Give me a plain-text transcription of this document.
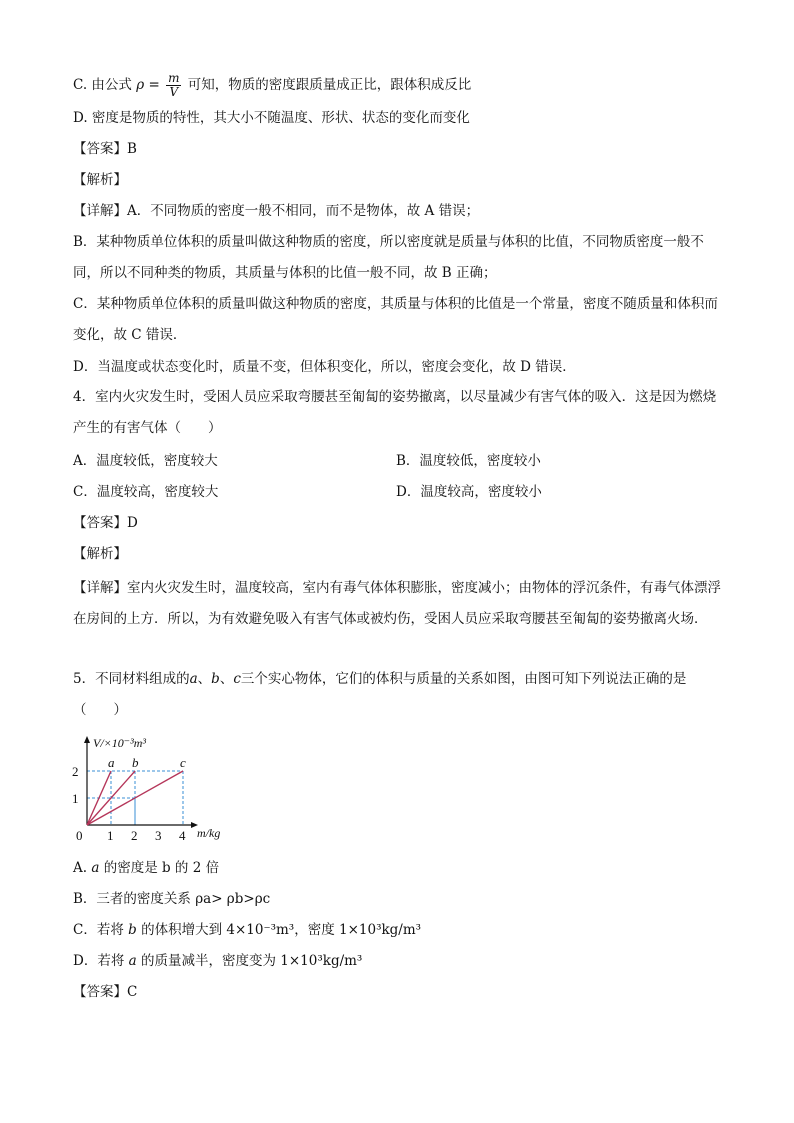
C. 由公式 $\rho = \frac{m}{V}$ 可知，物质的密度跟质量成正比，跟体积成反比
D. 密度是物质的特性，其大小不随温度、形状、状态的变化而变化
【答案】B
【解析】
【详解】A．不同物质的密度一般不相同，而不是物体，故 A 错误；
B．某种物质单位体积的质量叫做这种物质的密度，所以密度就是质量与体积的比值，不同物质密度一般不同，所以不同种类的物质，其质量与体积的比值一般不同，故 B 正确；
C．某种物质单位体积的质量叫做这种物质的密度，其质量与体积的比值是一个常量，密度不随质量和体积而变化，故 C 错误．
D．当温度或状态变化时，质量不变，但体积变化，所以，密度会变化，故 D 错误．
4．室内火灾发生时，受困人员应采取弯腰甚至匍匐的姿势撤离，以尽量减少有害气体的吸入．这是因为燃烧产生的有害气体（　　）
A．温度较低，密度较大	B．温度较低，密度较小
C．温度较高，密度较大	D．温度较高，密度较小
【答案】D
【解析】
【详解】室内火灾发生时，温度较高，室内有毒气体体积膨胀，密度减小；由物体的浮沉条件，有毒气体漂浮在房间的上方．所以，为有效避免吸入有害气体或被灼伤，受困人员应采取弯腰甚至匍匐的姿势撤离火场．
5．不同材料组成的a、b、c三个实心物体，它们的体积与质量的关系如图，由图可知下列说法正确的是
（　　）
a b	c
0 1 2 3 4
1
2
V/×10⁻³m³
m/kg
A. a 的密度是 b 的 2 倍
B．三者的密度关系 ρa> ρb>ρc
C．若将 b 的体积增大到 4×10⁻³m³，密度 1×10³kg/m³
D．若将 a 的质量减半，密度变为 1×10³kg/m³
【答案】C
